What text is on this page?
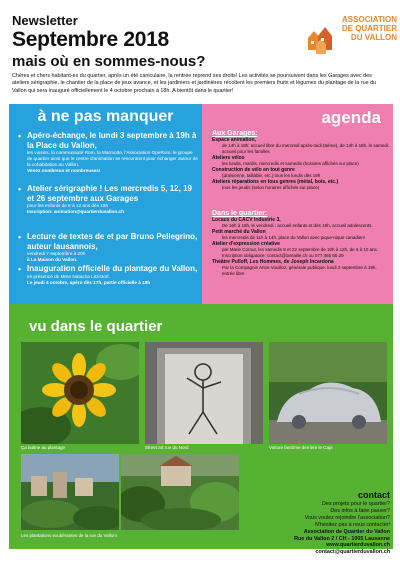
Newsletter
Septembre 2018
mais où en sommes-nous?
ASSOCIATION DE QUARTIER DU VALLON
Chères et chers habitant-es du quartier, après un été caniculaire, la rentrée reprend ses droits! Les activités se poursuivent dans les Garages avec des ateliers sérigraphie, le chantier de la place de jeux avance, et les jardiniers et jardinières récoltent les premiers fruits et légumes du plantage de la rue du Vallon qui sera inauguré officiellement le 4 octobre prochain à 18h. A bientôt dans le quartier!
à ne pas manquer
• Apéro-échange, le lundi 3 septembre à 19h à la Place du Vallon,
les voisins, la communauté Rom, la Marmotte, l'Association OpeRom, le groupe de quartier ainsi que le centre d'animation se rencontrent pour échanger autour de la cohabitation au Vallon.
Venez nombreux et nombreuses!
• Atelier sérigraphie ! Les mercredis 5, 12, 19 et 26 septembre aux Garages
pour les enfants de 8 à 12 ans dès 15h
Inscription: animation@quartierduvallon.ch
• Lecture de textes de et par Bruno Pellegrino, auteur lausannois,
vendredi 7 septembre à 20h
à La Maison du Vallon.
• Inauguration officielle du plantage du Vallon,
en présence de Mme Natacha Litzistorf.
Le jeudi 4 octobre, apéro dès 17h, partie officielle à 18h
agenda
Aux Garages:
Espace animation,
de 14h à 18h: accueil libre du mercredi après-midi (6ème), de 14h à 16h, le samedi: accueil pour les familles
Ateliers vélos
les lundis, mardis, mercredis et samedis (horaires affichés sur place)
Construction de vélo en tout genre
(draisienne, taillable, etc.) tous les lundis dès 19h
Ateliers réparations en tous genres (métal, bois, etc.)
tous les jeudis (selon horaires affichés sur place)
Dans le quartier:
Locaux du CACV Industrie 3,
De 16h à 18h, le vendredi : accueil enfants et dès 19h, accueil adolescents.
Petit marché du Vallon
les mercredis de 11h à 14h, place du Vallon avec pique-nique canadien!
Atelier d'expression créative
par Marie Cornut, les samedis 8 et 22 septembre de 10h à 12h, de 6 à 10 ans. Inscription obligatoire: contact@lamaille.ch ou 077 465 65 29
Théâtre Pulloff, Les Hommes, de Joseph Incardona
Par la Compagnie Anne Vouilloz, générale publique, lundi 3 septembre à 19h, entrée libre
vu dans le quartier
Ça butine au plantage	Street art rue du Nord	Voiture fantôme derrière le Capi
Les plantations exubérantes de la rue du Vallon!
contact
Des projets pour le quartier?
Des infos à faire passer?
Vous voulez rejoindre l'association?
N'hésitez pas à nous contacter!
Association de Quartier du Vallon
Rue du Vallon 2 / CH - 1005 Lausanne
www.quartierduvallon.ch
contact@quartierduvallon.ch
